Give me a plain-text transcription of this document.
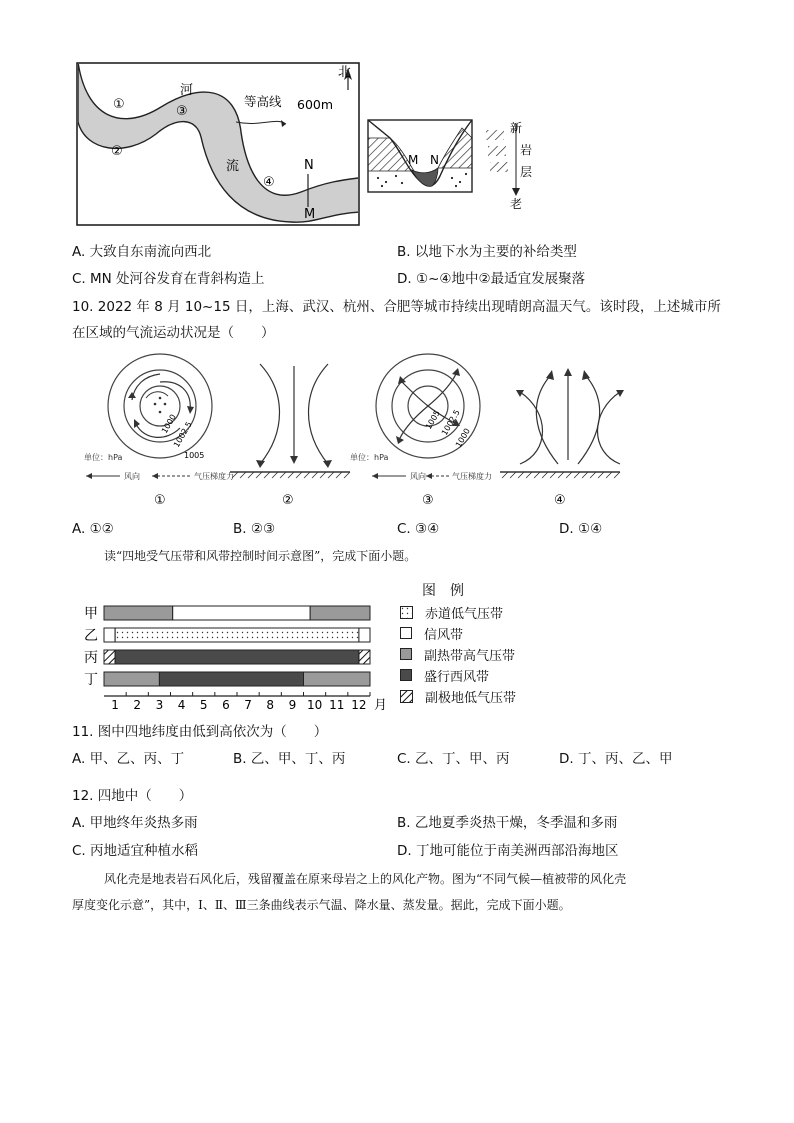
北
河
流
等高线 600m
①
②
③
④
N
M
M N
新
岩
层
老
A. 大致自东南流向西北	B. 以地下水为主要的补给类型
C. MN 处河谷发育在背斜构造上	D. ①~④地中②最适宜发展聚落
10. 2022 年 8 月 10~15 日，上海、武汉、杭州、合肥等城市持续出现晴朗高温天气。该时段，上述城市所
在区域的气流运动状况是（　　）
1000
1002.5
1005
单位：hPa
风向	气压梯度力
①	②
1005
1002.5
1000
单位：hPa
风向	气压梯度力
③	④
A. ①②	B. ②③	C. ③④	D. ①④
读“四地受气压带和风带控制时间示意图”，完成下面小题。
甲
乙
丙
丁
1 2 3 4 5 6 7 8 9 10 11 12 月
图　例
赤道低气压带
信风带
副热带高气压带
盛行西风带
副极地低气压带
11. 图中四地纬度由低到高依次为（　　）
A. 甲、乙、丙、丁	B. 乙、甲、丁、丙	C. 乙、丁、甲、丙	D. 丁、丙、乙、甲
12. 四地中（　　）
A. 甲地终年炎热多雨	B. 乙地夏季炎热干燥，冬季温和多雨
C. 丙地适宜种植水稻	D. 丁地可能位于南美洲西部沿海地区
风化壳是地表岩石风化后，残留覆盖在原来母岩之上的风化产物。图为“不同气候—植被带的风化壳
厚度变化示意”，其中，Ⅰ、Ⅱ、Ⅲ三条曲线表示气温、降水量、蒸发量。据此，完成下面小题。
